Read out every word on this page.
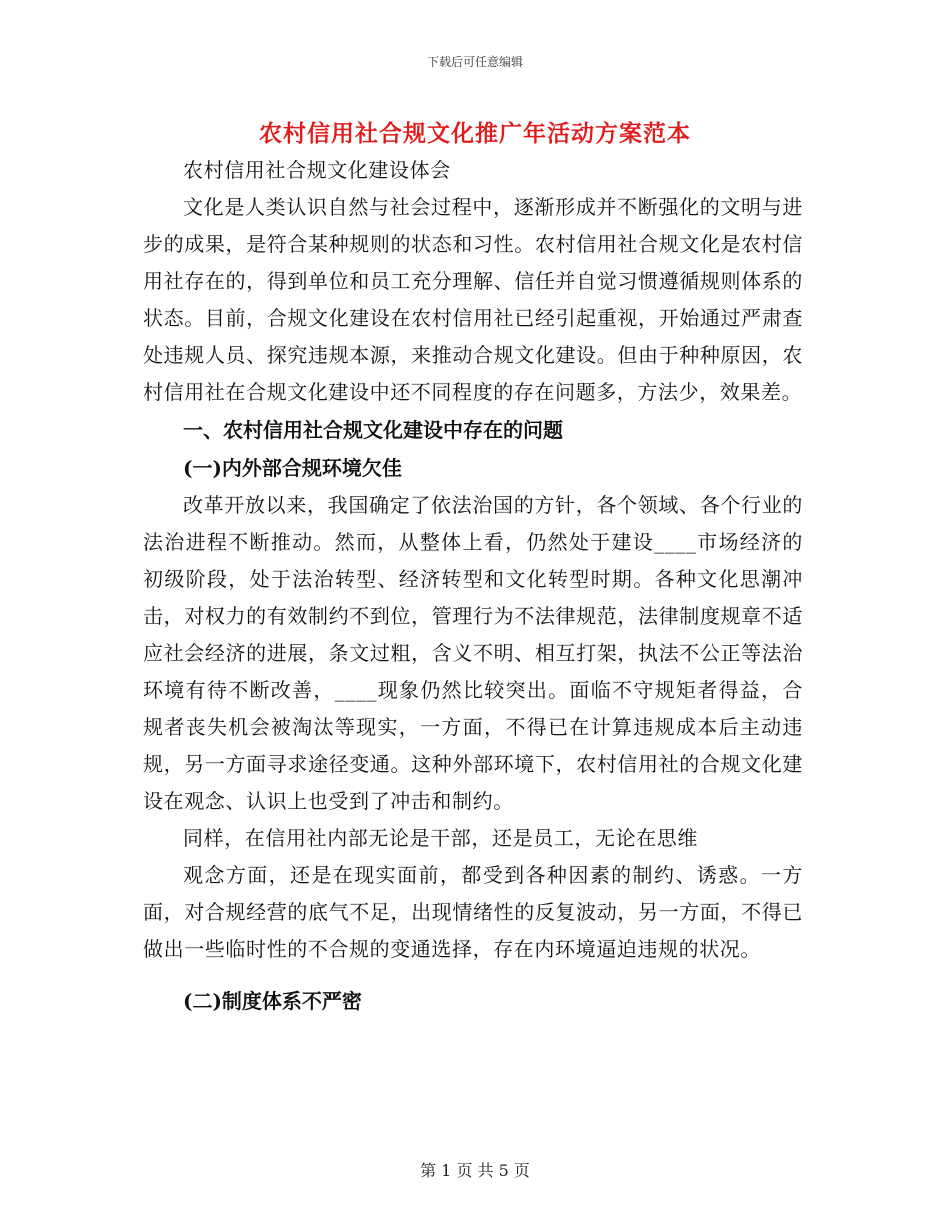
下载后可任意编辑
农村信用社合规文化推广年活动方案范本

农村信用社合规文化建设体会

文化是人类认识自然与社会过程中，逐渐形成并不断强化的文明与进步的成果，是符合某种规则的状态和习性。农村信用社合规文化是农村信用社存在的，得到单位和员工充分理解、信任并自觉习惯遵循规则体系的状态。目前，合规文化建设在农村信用社已经引起重视，开始通过严肃查处违规人员、探究违规本源，来推动合规文化建设。但由于种种原因，农村信用社在合规文化建设中还不同程度的存在问题多，方法少，效果差。

一、农村信用社合规文化建设中存在的问题

(一)内外部合规环境欠佳

改革开放以来，我国确定了依法治国的方针，各个领域、各个行业的法治进程不断推动。然而，从整体上看，仍然处于建设____市场经济的初级阶段，处于法治转型、经济转型和文化转型时期。各种文化思潮冲击，对权力的有效制约不到位，管理行为不法律规范，法律制度规章不适应社会经济的进展，条文过粗，含义不明、相互打架，执法不公正等法治环境有待不断改善，____现象仍然比较突出。面临不守规矩者得益，合规者丧失机会被淘汰等现实，一方面，不得已在计算违规成本后主动违规，另一方面寻求途径变通。这种外部环境下，农村信用社的合规文化建设在观念、认识上也受到了冲击和制约。

同样，在信用社内部无论是干部，还是员工，无论在思维

观念方面，还是在现实面前，都受到各种因素的制约、诱惑。一方面，对合规经营的底气不足，出现情绪性的反复波动，另一方面，不得已做出一些临时性的不合规的变通选择，存在内环境逼迫违规的状况。

(二)制度体系不严密

第 1 页 共 5 页
